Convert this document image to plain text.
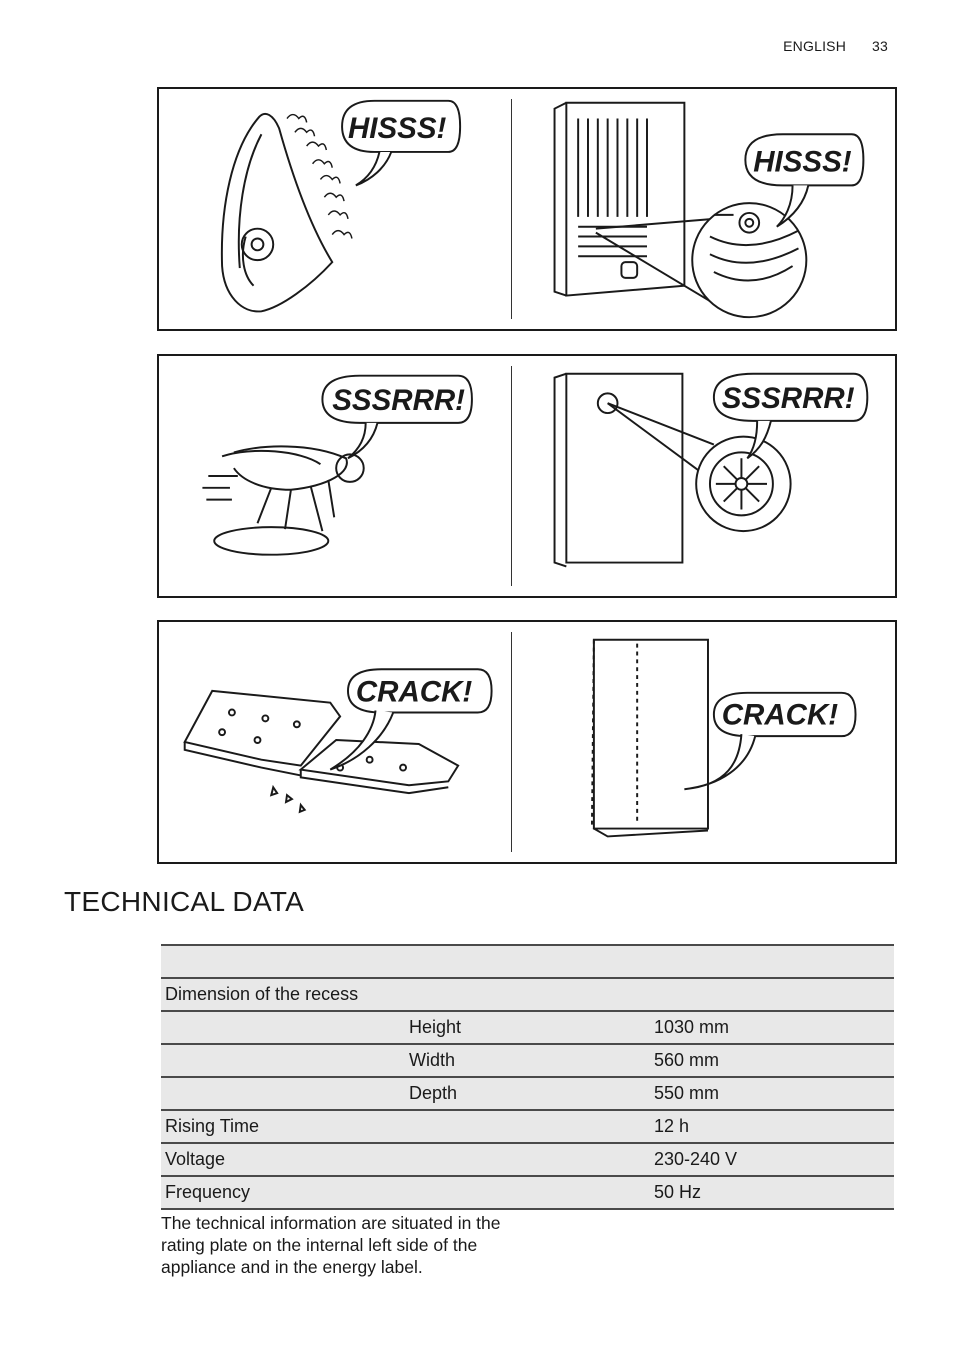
ENGLISH 33
HISSS!
HISSS!
SSSRRR!	SSSRRR!
CRACK!
CRACK!
TECHNICAL DATA

Dimension of the recess		
	Height	1030 mm
	Width	560 mm
	Depth	550 mm
Rising Time		12 h
Voltage		230-240 V
Frequency		50 Hz

The technical information are situated in the rating plate on the internal left side of the appliance and in the energy label.
